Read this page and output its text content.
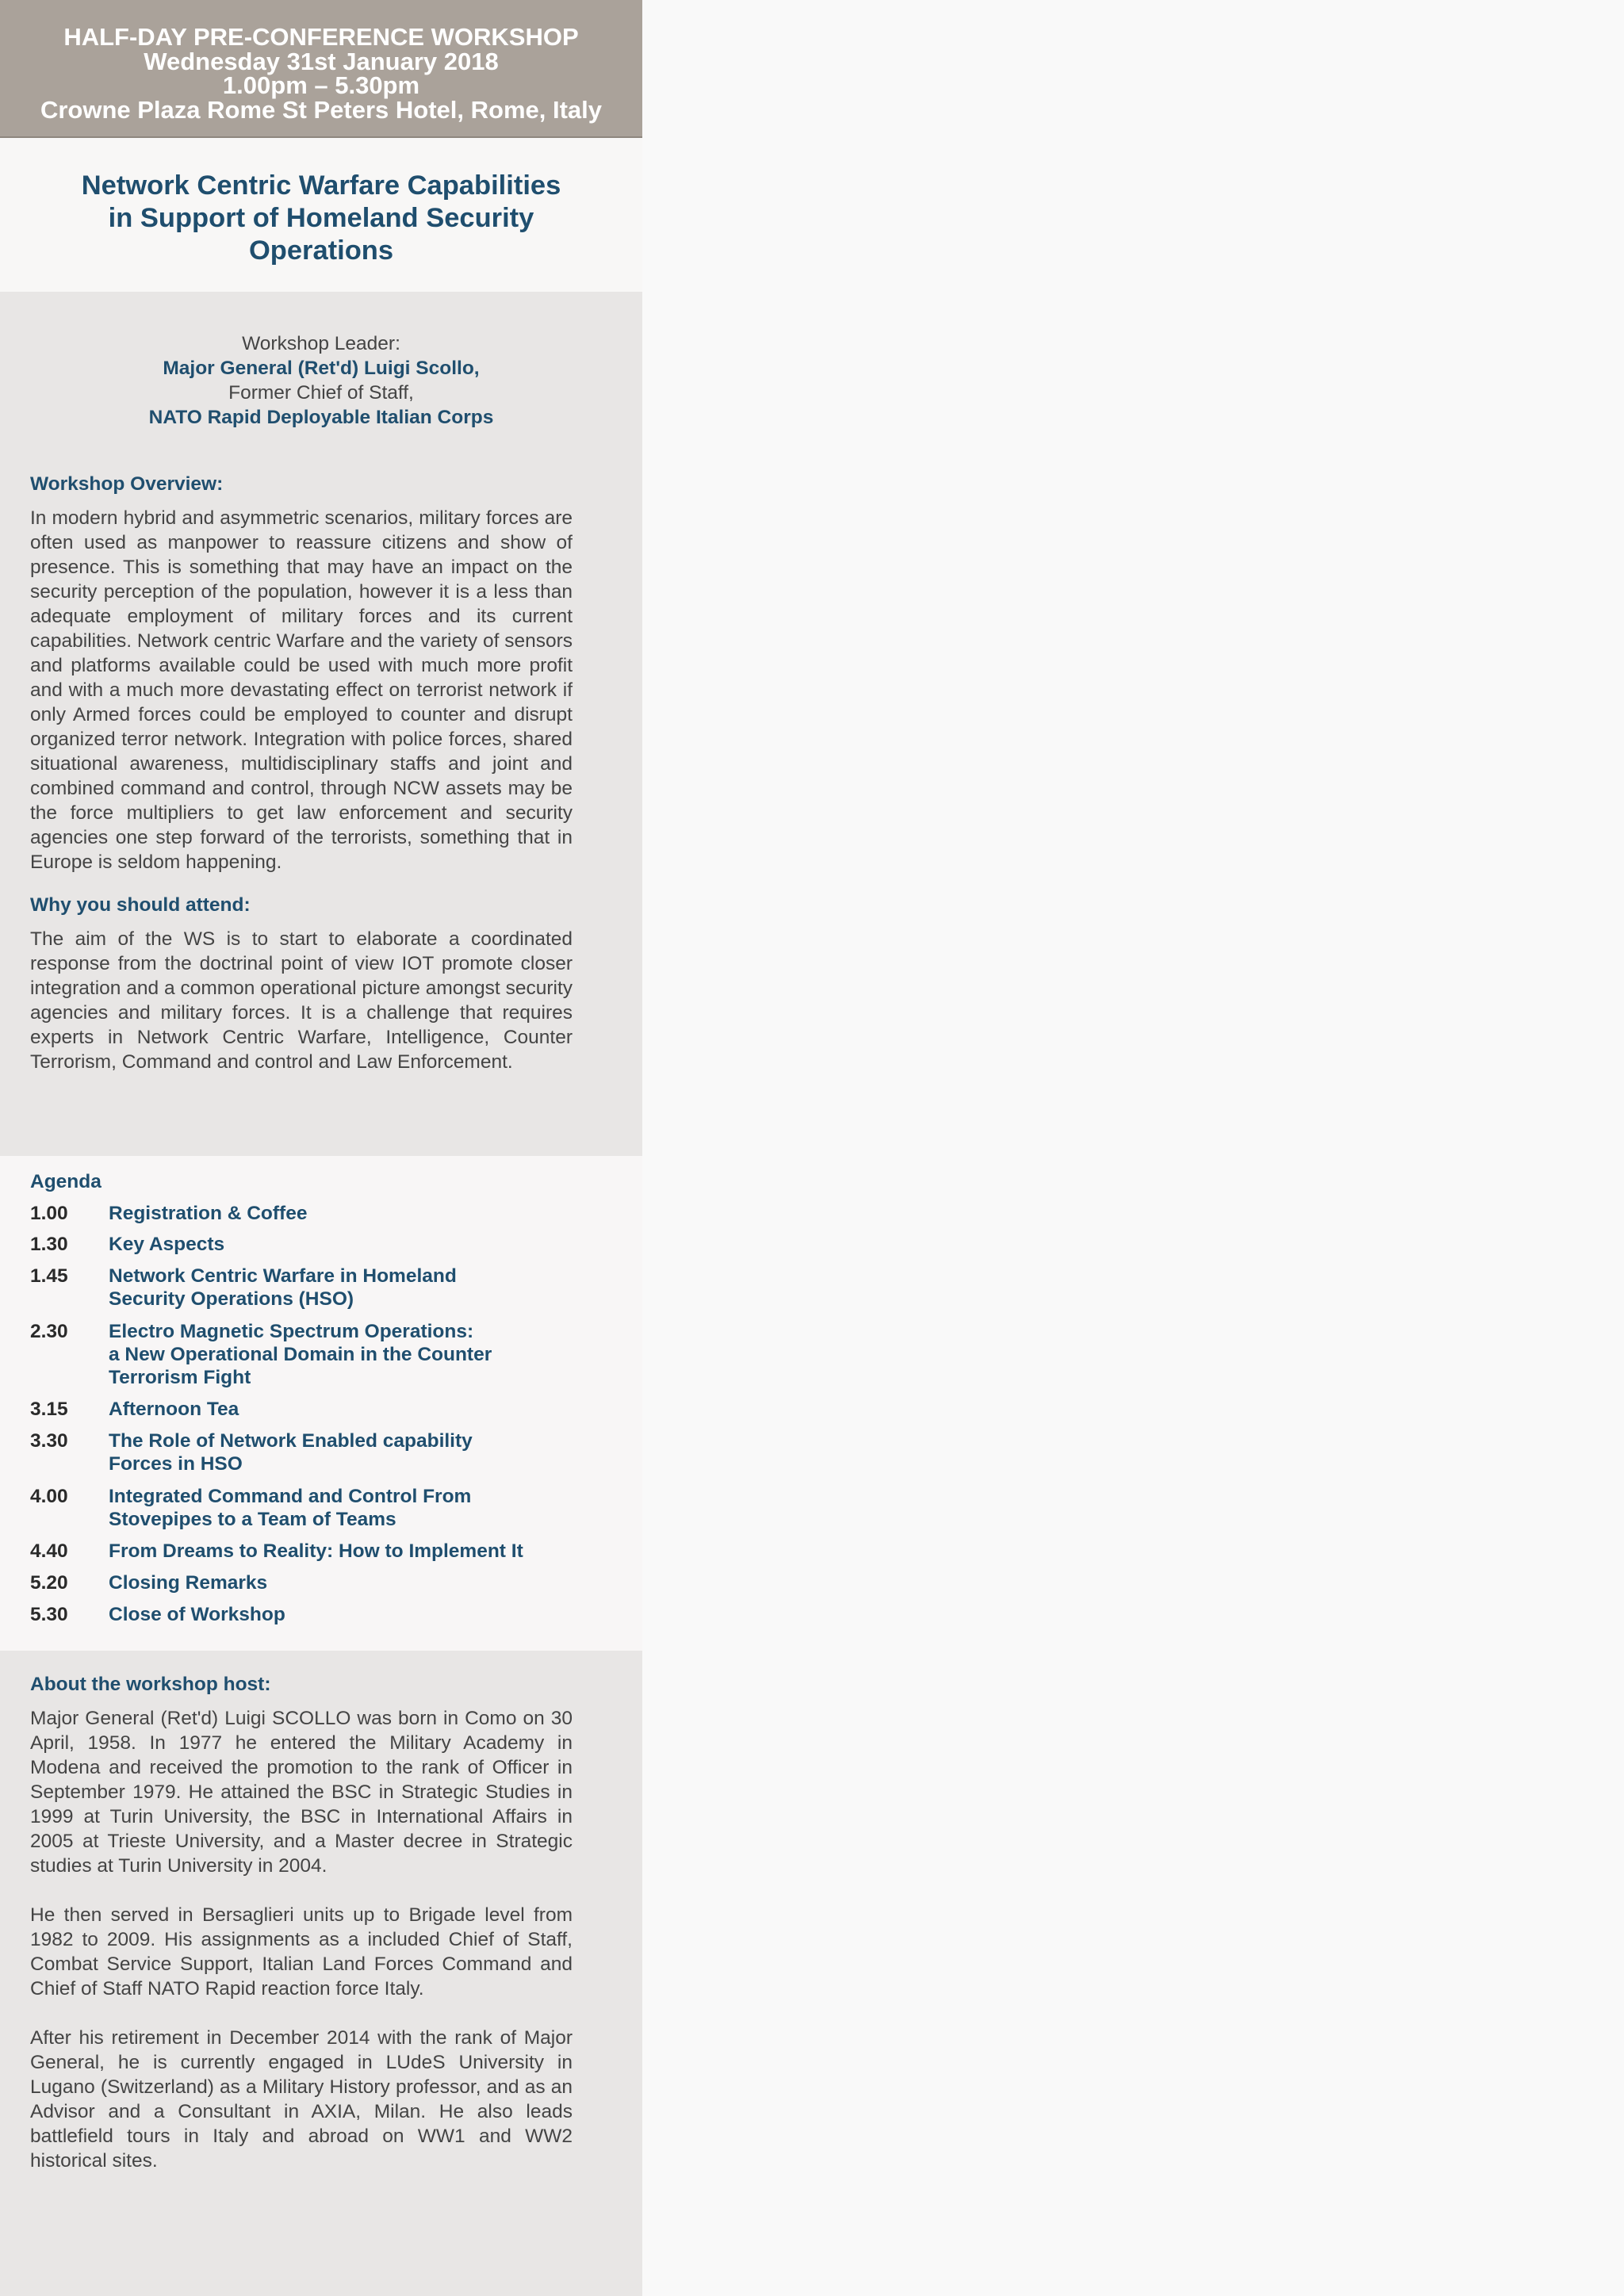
HALF-DAY PRE-CONFERENCE WORKSHOP
Wednesday 31st January 2018
1.00pm – 5.30pm
Crowne Plaza Rome St Peters Hotel, Rome, Italy
Network Centric Warfare Capabilities
in Support of Homeland Security
Operations
Workshop Leader:
Major General (Ret'd) Luigi Scollo,
Former Chief of Staff,
NATO Rapid Deployable Italian Corps
Workshop Overview:

In modern hybrid and asymmetric scenarios, military forces are often used as manpower to reassure citizens and show of presence. This is something that may have an impact on the security perception of the population, however it is a less than adequate employment of military forces and its current capabilities. Network centric Warfare and the variety of sensors and platforms available could be used with much more profit and with a much more devastating effect on terrorist network if only Armed forces could be employed to counter and disrupt organized terror network. Integration with police forces, shared situational awareness, multidisciplinary staffs and joint and combined command and control, through NCW assets may be the force multipliers to get law enforcement and security agencies one step forward of the terrorists, something that in Europe is seldom happening.

Why you should attend:

The aim of the WS is to start to elaborate a coordinated response from the doctrinal point of view IOT promote closer integration and a common operational picture amongst security agencies and military forces. It is a challenge that requires experts in Network Centric Warfare, Intelligence, Counter Terrorism, Command and control and Law Enforcement.

Agenda
1.00	Registration & Coffee
1.30	Key Aspects
1.45	Network Centric Warfare in Homeland
Security Operations (HSO)
2.30	Electro Magnetic Spectrum Operations:
a New Operational Domain in the Counter
Terrorism Fight
3.15	Afternoon Tea
3.30	The Role of Network Enabled capability
Forces in HSO
4.00	Integrated Command and Control From
Stovepipes to a Team of Teams
4.40	From Dreams to Reality: How to Implement It
5.20	Closing Remarks
5.30	Close of Workshop
About the workshop host:

Major General (Ret'd) Luigi SCOLLO was born in Como on 30 April, 1958. In 1977 he entered the Military Academy in Modena and received the promotion to the rank of Officer in September 1979. He attained the BSC in Strategic Studies in 1999 at Turin University, the BSC in International Affairs in 2005 at Trieste University, and a Master decree in Strategic studies at Turin University in 2004.

He then served in Bersaglieri units up to Brigade level from 1982 to 2009. His assignments as a included Chief of Staff, Combat Service Support, Italian Land Forces Command and Chief of Staff NATO Rapid reaction force Italy.

After his retirement in December 2014 with the rank of Major General, he is currently engaged in LUdeS University in Lugano (Switzerland) as a Military History professor, and as an Advisor and a Consultant in AXIA, Milan. He also leads battlefield tours in Italy and abroad on WW1 and WW2 historical sites.
